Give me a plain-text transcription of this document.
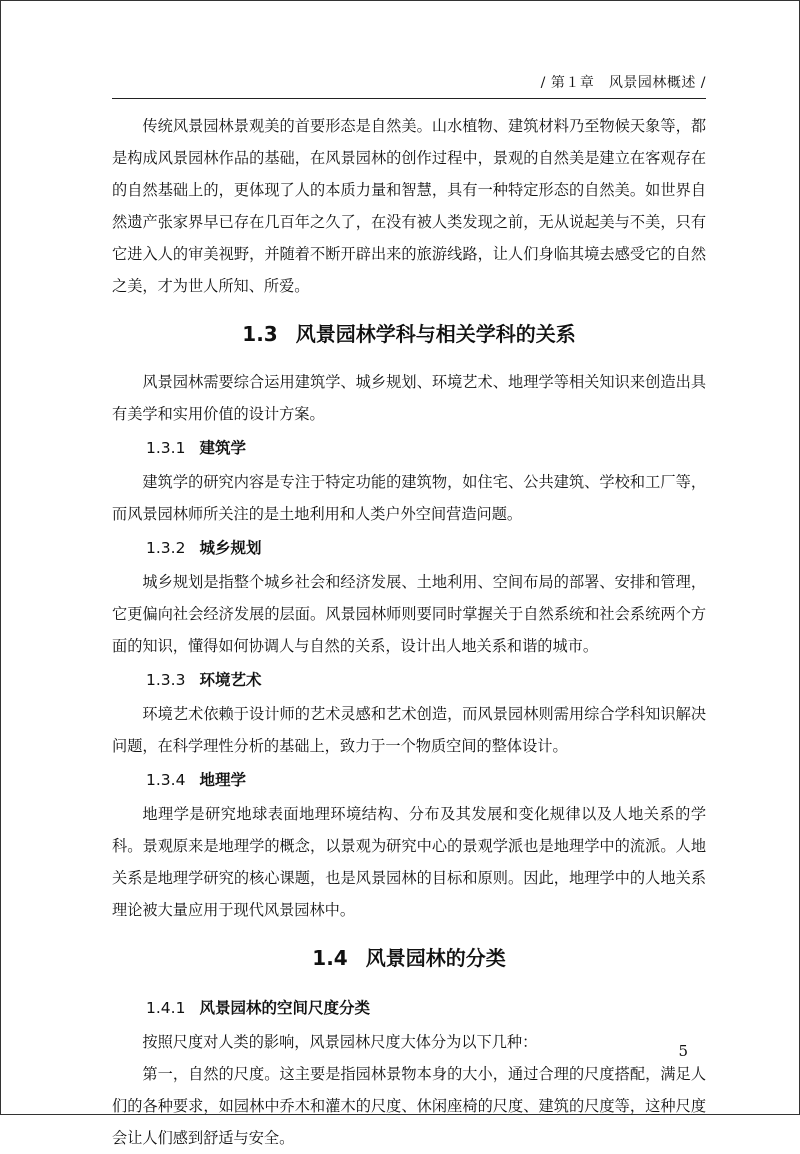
/ 第１章　风景园林概述 /

传统风景园林景观美的首要形态是自然美。山水植物、建筑材料乃至物候天象等，都是构成风景园林作品的基础，在风景园林的创作过程中，景观的自然美是建立在客观存在的自然基础上的，更体现了人的本质力量和智慧，具有一种特定形态的自然美。如世界自然遗产张家界早已存在几百年之久了，在没有被人类发现之前，无从说起美与不美，只有它进入人的审美视野，并随着不断开辟出来的旅游线路，让人们身临其境去感受它的自然之美，才为世人所知、所爱。

1.3 风景园林学科与相关学科的关系

风景园林需要综合运用建筑学、城乡规划、环境艺术、地理学等相关知识来创造出具有美学和实用价值的设计方案。

1.3.1 建筑学

建筑学的研究内容是专注于特定功能的建筑物，如住宅、公共建筑、学校和工厂等，而风景园林师所关注的是土地利用和人类户外空间营造问题。

1.3.2 城乡规划

城乡规划是指整个城乡社会和经济发展、土地利用、空间布局的部署、安排和管理，它更偏向社会经济发展的层面。风景园林师则要同时掌握关于自然系统和社会系统两个方面的知识，懂得如何协调人与自然的关系，设计出人地关系和谐的城市。

1.3.3 环境艺术

环境艺术依赖于设计师的艺术灵感和艺术创造，而风景园林则需用综合学科知识解决问题，在科学理性分析的基础上，致力于一个物质空间的整体设计。

1.3.4 地理学

地理学是研究地球表面地理环境结构、分布及其发展和变化规律以及人地关系的学科。景观原来是地理学的概念，以景观为研究中心的景观学派也是地理学中的流派。人地关系是地理学研究的核心课题，也是风景园林的目标和原则。因此，地理学中的人地关系理论被大量应用于现代风景园林中。

1.4 风景园林的分类
1.4.1 风景园林的空间尺度分类

按照尺度对人类的影响，风景园林尺度大体分为以下几种：

第一，自然的尺度。这主要是指园林景物本身的大小，通过合理的尺度搭配，满足人们的各种要求，如园林中乔木和灌木的尺度、休闲座椅的尺度、建筑的尺度等，这种尺度会让人们感到舒适与安全。

5
